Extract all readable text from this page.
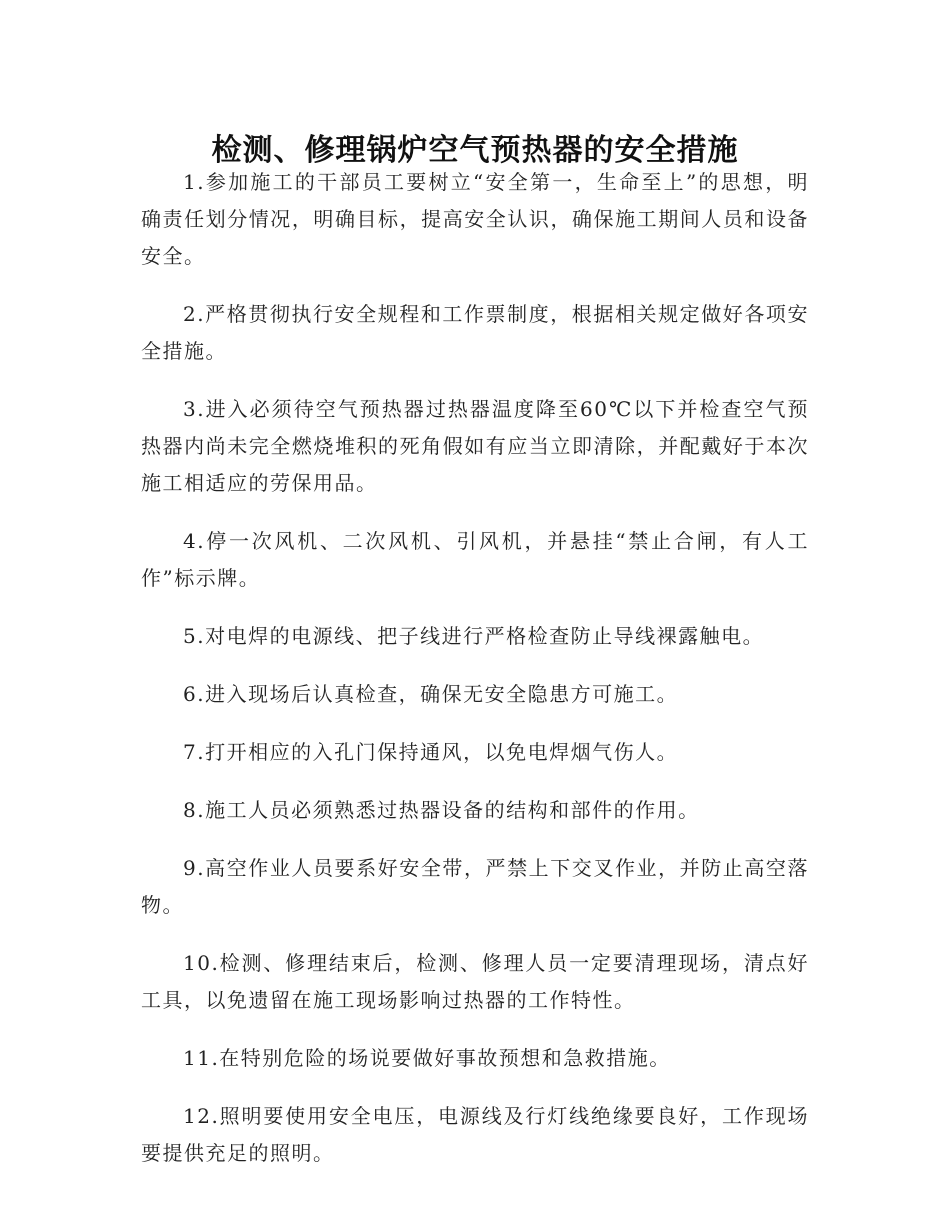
检测、修理锅炉空气预热器的安全措施

1.参加施工的干部员工要树立“安全第一，生命至上”的思想，明确责任划分情况，明确目标，提高安全认识，确保施工期间人员和设备安全。

2.严格贯彻执行安全规程和工作票制度，根据相关规定做好各项安全措施。

3.进入必须待空气预热器过热器温度降至60℃以下并检查空气预热器内尚未完全燃烧堆积的死角假如有应当立即清除，并配戴好于本次施工相适应的劳保用品。

4.停一次风机、二次风机、引风机，并悬挂“禁止合闸，有人工作”标示牌。

5.对电焊的电源线、把子线进行严格检查防止导线裸露触电。

6.进入现场后认真检查，确保无安全隐患方可施工。

7.打开相应的入孔门保持通风，以免电焊烟气伤人。

8.施工人员必须熟悉过热器设备的结构和部件的作用。

9.高空作业人员要系好安全带，严禁上下交叉作业，并防止高空落物。

10.检测、修理结束后，检测、修理人员一定要清理现场，清点好工具，以免遗留在施工现场影响过热器的工作特性。

11.在特别危险的场说要做好事故预想和急救措施。

12.照明要使用安全电压，电源线及行灯线绝缘要良好，工作现场要提供充足的照明。
